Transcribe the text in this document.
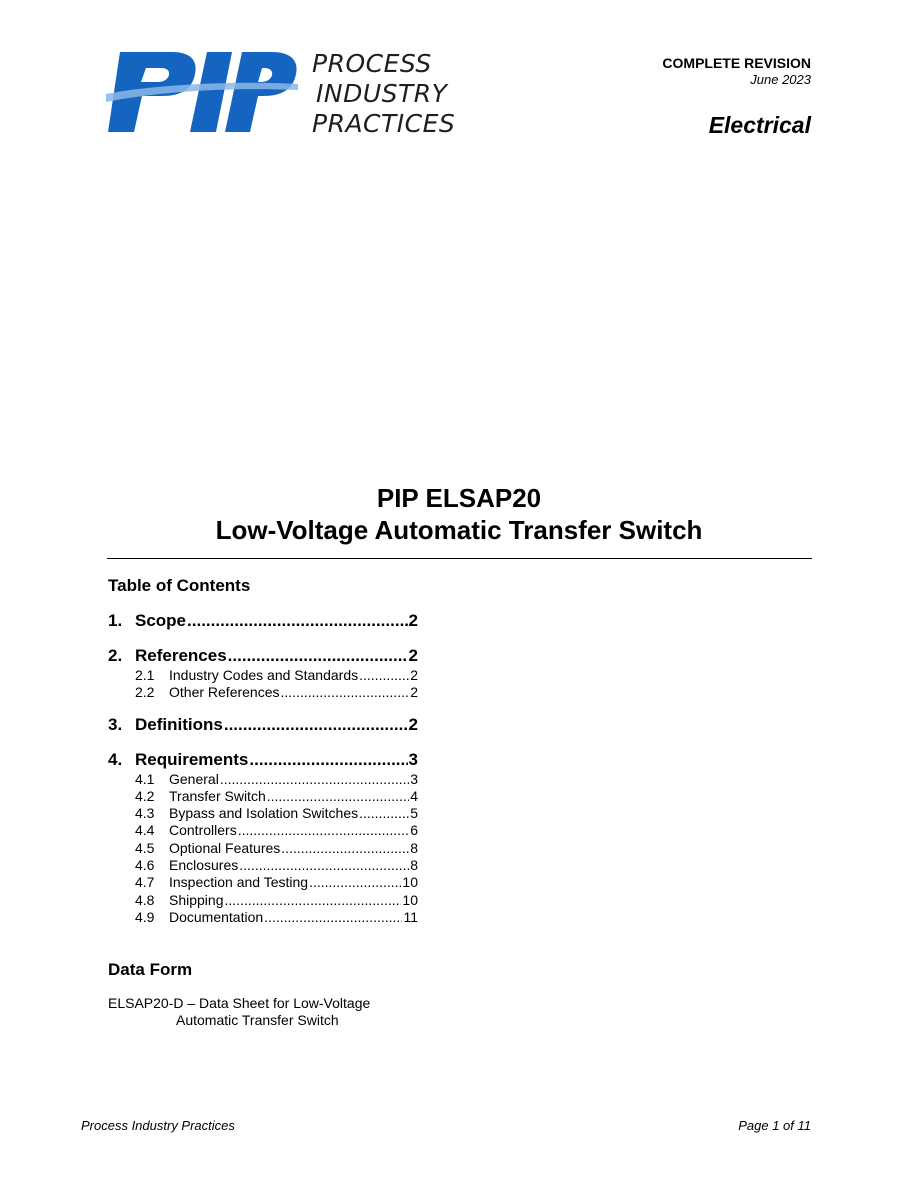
PROCESS
INDUSTRY
PRACTICES
COMPLETE REVISION
June 2023
Electrical
PIP ELSAP20
Low-Voltage Automatic Transfer Switch
Table of Contents
1. Scope .....	2
2. References .....	2
2.1	Industry Codes and Standards .....	2
2.2	Other References .....	2
3. Definitions .....	2
4. Requirements .....	3
4.1	General .....	3
4.2	Transfer Switch .....	4
4.3	Bypass and Isolation Switches .....	5
4.4	Controllers .....	6
4.5	Optional Features .....	8
4.6	Enclosures .....	8
4.7	Inspection and Testing .....	10
4.8	Shipping .....	10
4.9	Documentation .....	11
Data Form
ELSAP20-D – Data Sheet for Low-Voltage
Automatic Transfer Switch
Process Industry Practices	Page 1 of 11
